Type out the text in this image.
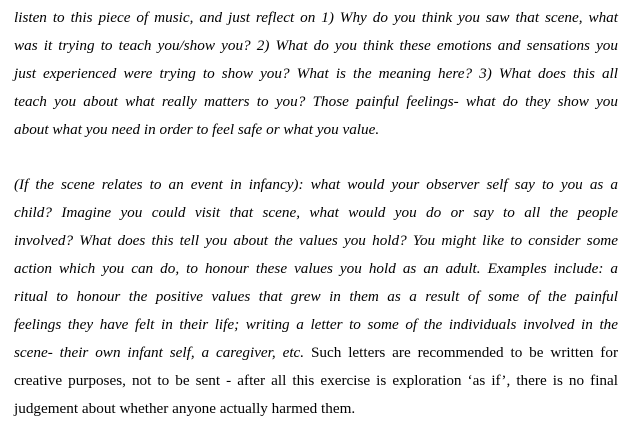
listen to this piece of music, and just reflect on 1) Why do you think you saw that scene, what
was it trying to teach you/show you? 2) What do you think these emotions and sensations you
just experienced were trying to show you? What is the meaning here? 3) What does this all
teach you about what really matters to you? Those painful feelings- what do they show you
about what you need in order to feel safe or what you value.
(If the scene relates to an event in infancy): what would your observer self say to you as a
child? Imagine you could visit that scene, what would you do or say to all the people
involved? What does this tell you about the values you hold? You might like to consider some
action which you can do, to honour these values you hold as an adult. Examples include: a
ritual to honour the positive values that grew in them as a result of some of the painful
feelings they have felt in their life; writing a letter to some of the individuals involved in the
scene- their own infant self, a caregiver, etc. Such letters are recommended to be written for
creative purposes, not to be sent - after all this exercise is exploration ‘as if’, there is no final
judgement about whether anyone actually harmed them.
